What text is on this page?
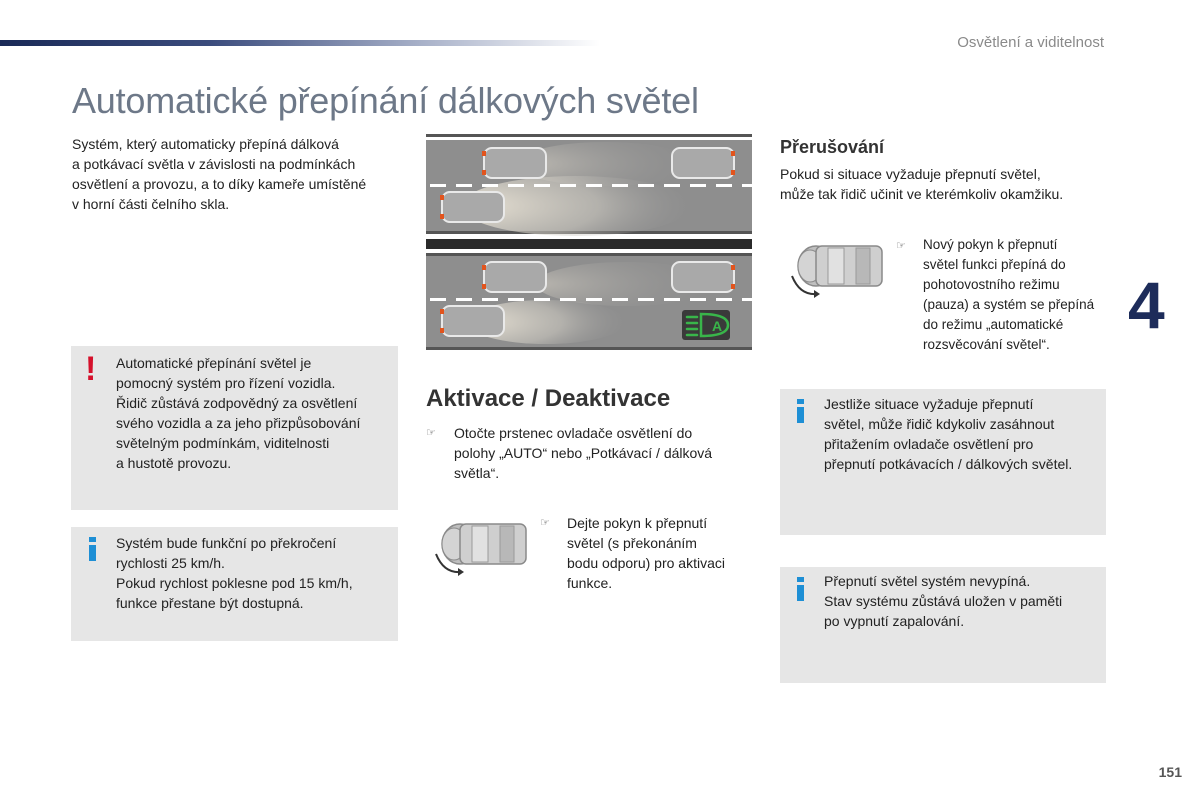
Osvětlení a viditelnost
Automatické přepínání dálkových světel

Systém, který automaticky přepíná dálková
a potkávací světla v závislosti na podmínkách
osvětlení a provozu, a to díky kameře umístěné
v horní části čelního skla.

A
! Automatické přepínání světel je
pomocný systém pro řízení vozidla.
Řidič zůstává zodpovědný za osvětlení
svého vozidla a za jeho přizpůsobování
světelným podmínkám, viditelnosti
a hustotě provozu.

Systém bude funkční po překročení
rychlosti 25 km/h.
Pokud rychlost poklesne pod 15 km/h,
funkce přestane být dostupná.

Aktivace / Deaktivace
☞ Otočte prstenec ovladače osvětlení do
polohy „AUTO“ nebo „Potkávací / dálková
světla“.

☞ Dejte pokyn k přepnutí
světel (s překonáním
bodu odporu) pro aktivaci
funkce.

Přerušování

Pokud si situace vyžaduje přepnutí světel,
může tak řidič učinit ve kterémkoliv okamžiku.

☞ Nový pokyn k přepnutí
světel funkci přepíná do
pohotovostního režimu
(pauza) a systém se přepíná
do režimu „automatické
rozsvěcování světel“.

Jestliže situace vyžaduje přepnutí
světel, může řidič kdykoliv zasáhnout
přitažením ovladače osvětlení pro
přepnutí potkávacích / dálkových světel.

Přepnutí světel systém nevypíná.
Stav systému zůstává uložen v paměti
po vypnutí zapalování.

4
151
